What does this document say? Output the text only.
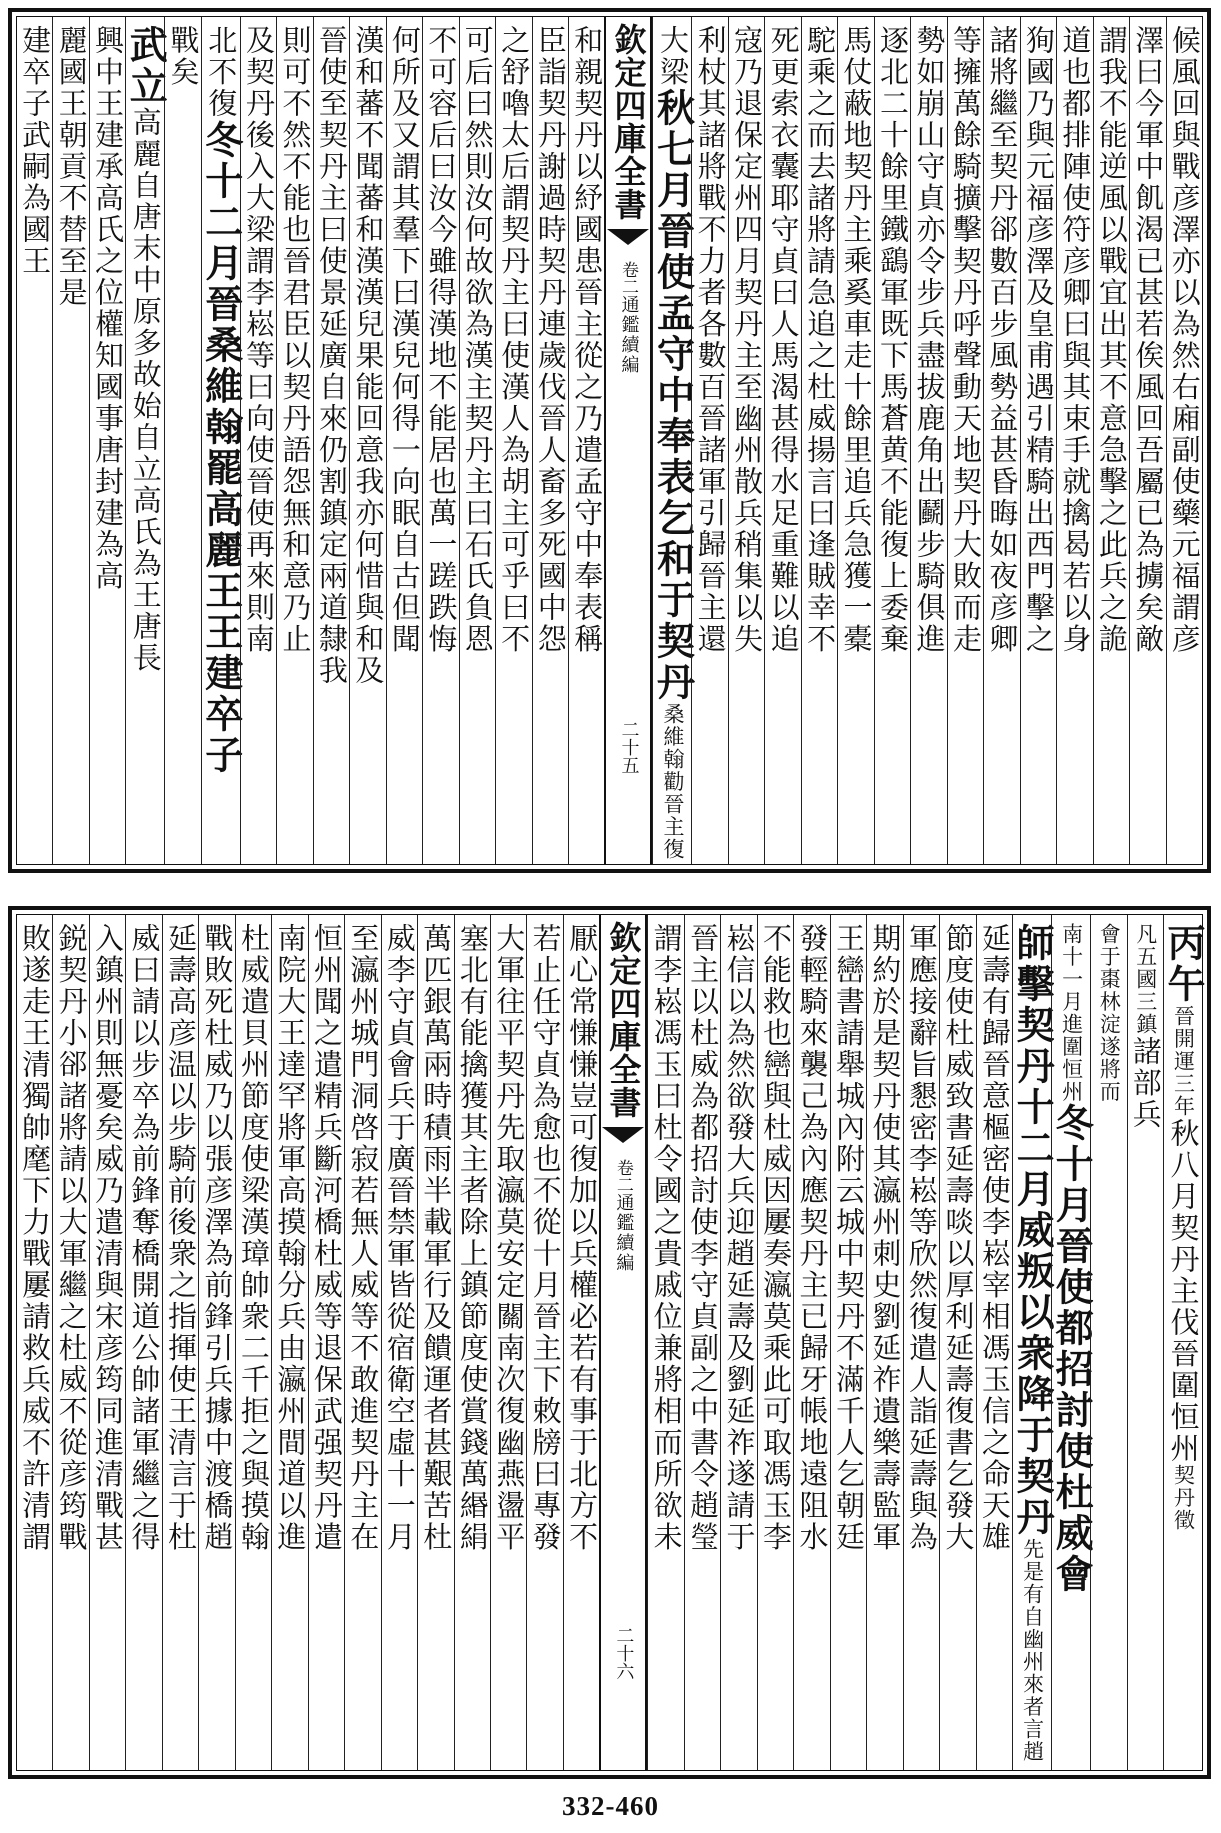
候風回與戰彦澤亦以為然右廂副使藥元福謂彦
澤曰今軍中飢渴已甚若俟風回吾屬已為擄矣敵
謂我不能逆風以戰宜出其不意急擊之此兵之詭
道也都排陣使符彦卿曰與其束手就擒曷若以身
狥國乃與元福彦澤及皇甫遇引精騎出西門擊之
諸將繼至契丹郤數百步風勢益甚昏晦如夜彦卿
等擁萬餘騎擴擊契丹呼聲動天地契丹大敗而走
勢如崩山守貞亦令步兵盡拔鹿角出鬬步騎俱進
逐北二十餘里鐵鷂軍既下馬蒼黄不能復上委棄
馬仗蔽地契丹主乘奚車走十餘里追兵急獲一橐
駝乘之而去諸將請急追之杜威揚言曰逢賊幸不
死更索衣囊耶守貞曰人馬渴甚得水足重難以追
寇乃退保定州四月契丹主至幽州散兵稍集以失
利杖其諸將戰不力者各數百晉諸軍引歸晉主還
大梁
秋七月晉使孟守中奉表乞和于契丹
桑維翰勸晉主復
欽定四庫全書
卷二
通鑑續編
二十五
和親契丹以紓國患晉主從之乃遣孟守中奉表稱
臣詣契丹謝過時契丹連歲伐晉人畜多死國中怨
之舒嚕太后謂契丹主曰使漢人為胡主可乎曰不
可后曰然則汝何故欲為漢主契丹主曰石氏負恩
不可容后曰汝今雖得漢地不能居也萬一蹉跌悔
何所及又謂其羣下曰漢兒何得一向眠自古但聞
漢和蕃不聞蕃和漢漢兒果能回意我亦何惜與和及
晉使至契丹主曰使景延廣自來仍割鎮定兩道隸我
則可不然不能也晉君臣以契丹語怨無和意乃止
及契丹後入大梁謂李崧等曰向使晉使再來則南
北不復
冬十二月晉桑維翰罷高麗王王建卒子
戰矣
武立
高麗自唐末中原多故始自立高氏為王唐長
興中王建承高氏之位權知國事唐封建為高
麗國王朝貢不替至是
建卒子武嗣為國王
丙午
晉開運三年
秋八月契丹主伐晉圍恒州
契丹徵
凡五國三鎮
諸部兵
會于棗林淀遂將而
南十一月進圍恒州
冬十月晉使都招討使杜威會
師擊契丹十二月威叛以衆降于契丹
先是有自幽州來者言趙
延壽有歸晉意樞密使李崧宰相馮玉信之命天雄
節度使杜威致書延壽啖以厚利延壽復書乞發大
軍應接辭旨懇密李崧等欣然復遣人詣延壽與為
期約於是契丹使其瀛州刺史劉延祚遺樂壽監軍
王巒書請舉城內附云城中契丹不滿千人乞朝廷
發輕騎來襲己為內應契丹主已歸牙帳地遠阻水
不能救也巒與杜威因屢奏瀛莫乘此可取馮玉李
崧信以為然欲發大兵迎趙延壽及劉延祚遂請于
晉主以杜威為都招討使李守貞副之中書令趙瑩
謂李崧馮玉曰杜令國之貴戚位兼將相而所欲未
欽定四庫全書
卷二
通鑑續編
二十六
厭心常慊慊豈可復加以兵權必若有事于北方不
若止任守貞為愈也不從十月晉主下敕牓曰專發
大軍往平契丹先取瀛莫安定關南次復幽燕盪平
塞北有能擒獲其主者除上鎮節度使賞錢萬緡絹
萬匹銀萬兩時積雨半載軍行及饋運者甚艱苦杜
威李守貞會兵于廣晉禁軍皆從宿衛空虛十一月
至瀛州城門洞啓寂若無人威等不敢進契丹主在
恒州聞之遣精兵斷河橋杜威等退保武强契丹遣
南院大王達罕將軍高摸翰分兵由瀛州間道以進
杜威遣貝州節度使梁漢璋帥衆二千拒之與摸翰
戰敗死杜威乃以張彦澤為前鋒引兵據中渡橋趙
延壽高彦温以步騎前後衆之指揮使王清言于杜
威曰請以步卒為前鋒奪橋開道公帥諸軍繼之得
入鎮州則無憂矣威乃遣清與宋彦筠同進清戰甚
鋭契丹小郤諸將請以大軍繼之杜威不從彦筠戰
敗遂走王清獨帥麾下力戰屢請救兵威不許清謂
332-460
